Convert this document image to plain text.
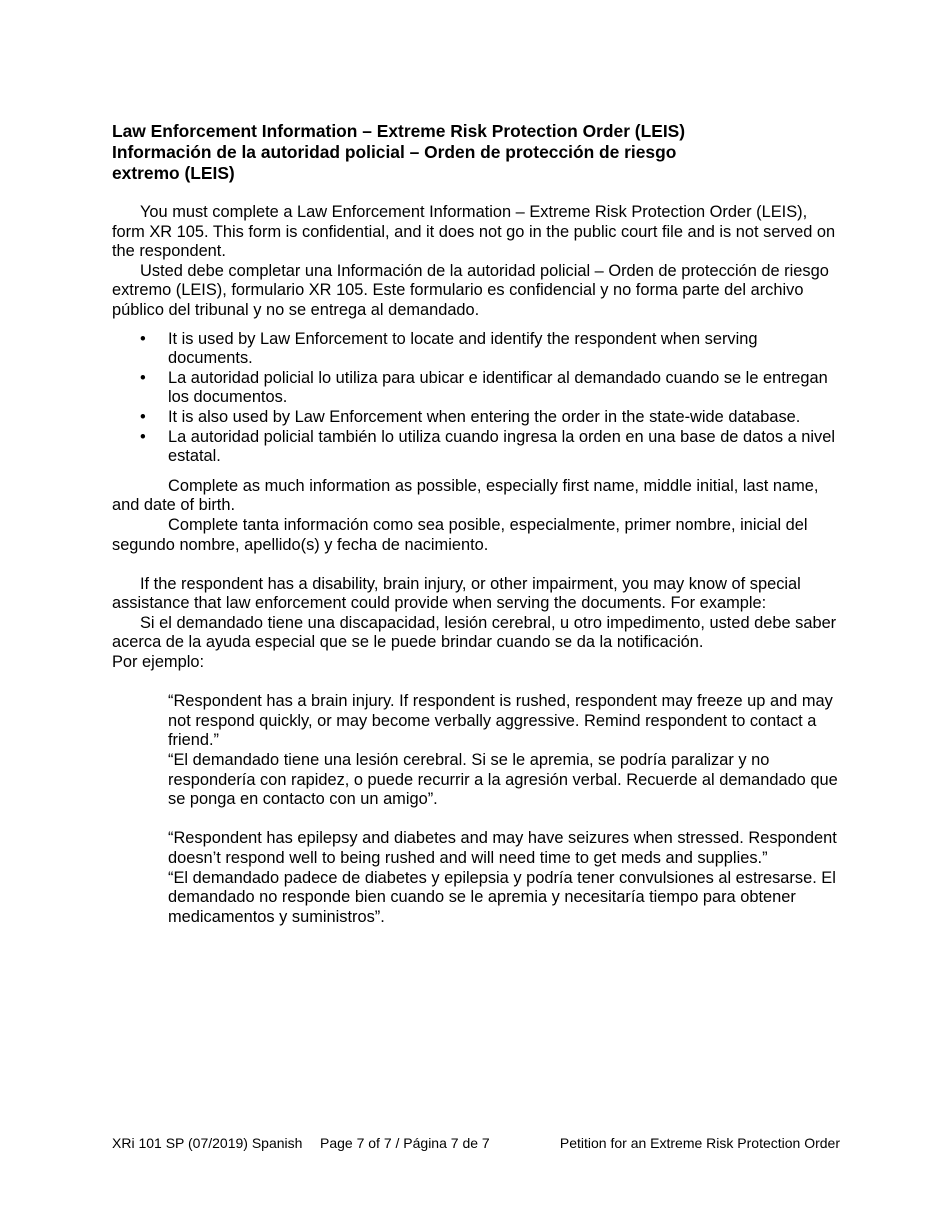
Law Enforcement Information – Extreme Risk Protection Order (LEIS)
Información de la autoridad policial – Orden de protección de riesgo extremo (LEIS)

You must complete a Law Enforcement Information – Extreme Risk Protection Order (LEIS), form XR 105. This form is confidential, and it does not go in the public court file and is not served on the respondent.

Usted debe completar una Información de la autoridad policial – Orden de protección de riesgo extremo (LEIS), formulario XR 105. Este formulario es confidencial y no forma parte del archivo público del tribunal y no se entrega al demandado.

• It is used by Law Enforcement to locate and identify the respondent when serving documents.
• La autoridad policial lo utiliza para ubicar e identificar al demandado cuando se le entregan los documentos.
• It is also used by Law Enforcement when entering the order in the state-wide database.
• La autoridad policial también lo utiliza cuando ingresa la orden en una base de datos a nivel estatal.

Complete as much information as possible, especially first name, middle initial, last name, and date of birth.

Complete tanta información como sea posible, especialmente, primer nombre, inicial del segundo nombre, apellido(s) y fecha de nacimiento.

If the respondent has a disability, brain injury, or other impairment, you may know of special assistance that law enforcement could provide when serving the documents. For example:

Si el demandado tiene una discapacidad, lesión cerebral, u otro impedimento, usted debe saber acerca de la ayuda especial que se le puede brindar cuando se da la notificación.

Por ejemplo:

“Respondent has a brain injury. If respondent is rushed, respondent may freeze up and may not respond quickly, or may become verbally aggressive. Remind respondent to contact a friend.”

“El demandado tiene una lesión cerebral. Si se le apremia, se podría paralizar y no respondería con rapidez, o puede recurrir a la agresión verbal. Recuerde al demandado que se ponga en contacto con un amigo”.

“Respondent has epilepsy and diabetes and may have seizures when stressed. Respondent doesn’t respond well to being rushed and will need time to get meds and supplies.”

“El demandado padece de diabetes y epilepsia y podría tener convulsiones al estresarse. El demandado no responde bien cuando se le apremia y necesitaría tiempo para obtener medicamentos y suministros”.

XRi 101 SP (07/2019) Spanish Page 7 of 7 / Página 7 de 7	Petition for an Extreme Risk Protection Order
